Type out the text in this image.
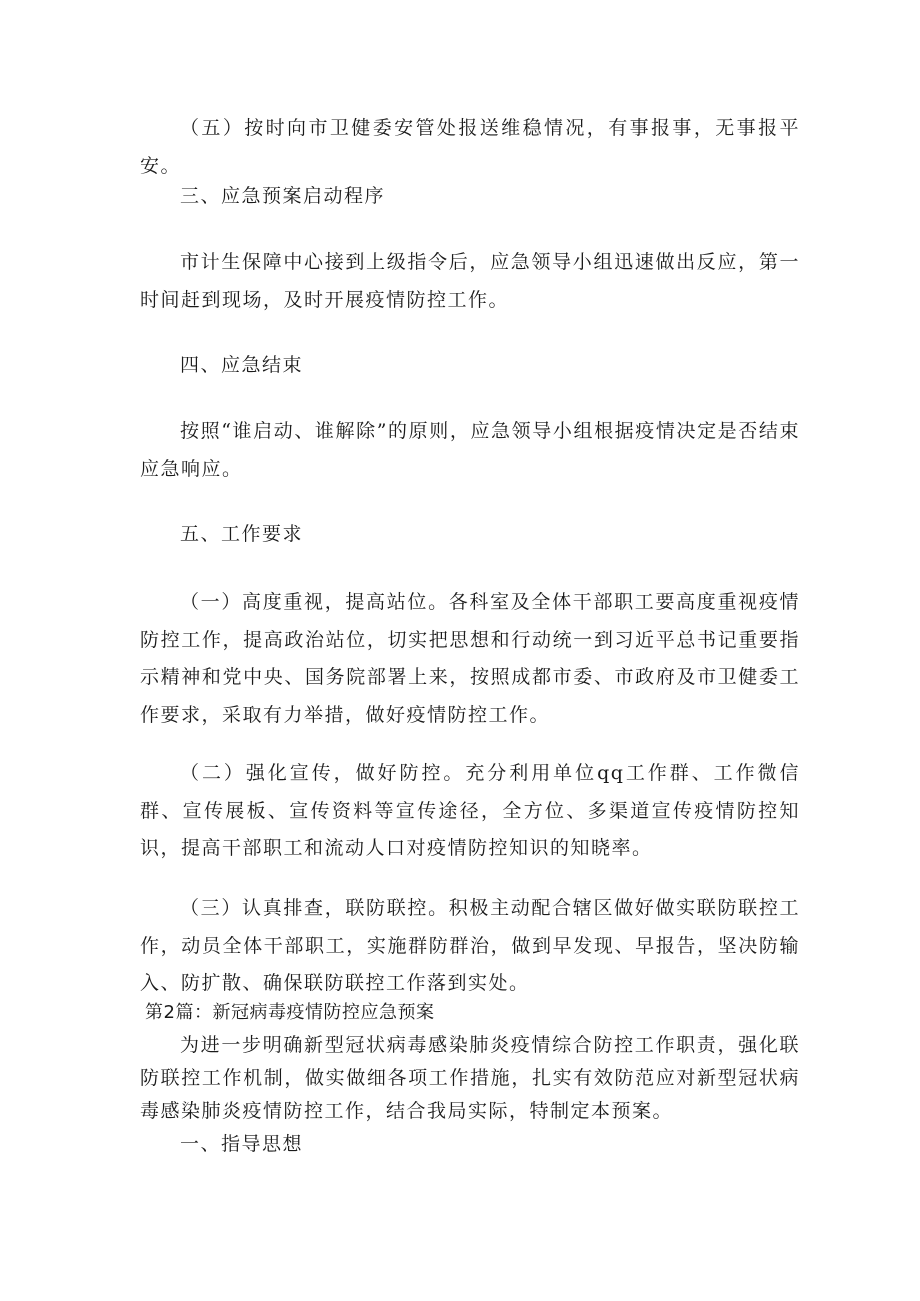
（五）按时向市卫健委安管处报送维稳情况，有事报事，无事报平安。

三、应急预案启动程序

市计生保障中心接到上级指令后，应急领导小组迅速做出反应，第一时间赶到现场，及时开展疫情防控工作。

四、应急结束

按照“谁启动、谁解除”的原则，应急领导小组根据疫情决定是否结束应急响应。

五、工作要求

（一）高度重视，提高站位。各科室及全体干部职工要高度重视疫情防控工作，提高政治站位，切实把思想和行动统一到习近平总书记重要指示精神和党中央、国务院部署上来，按照成都市委、市政府及市卫健委工作要求，采取有力举措，做好疫情防控工作。

（二）强化宣传，做好防控。充分利用单位qq工作群、工作微信群、宣传展板、宣传资料等宣传途径，全方位、多渠道宣传疫情防控知识，提高干部职工和流动人口对疫情防控知识的知晓率。

（三）认真排查，联防联控。积极主动配合辖区做好做实联防联控工作，动员全体干部职工，实施群防群治，做到早发现、早报告，坚决防输入、防扩散、确保联防联控工作落到实处。

第2篇：新冠病毒疫情防控应急预案

为进一步明确新型冠状病毒感染肺炎疫情综合防控工作职责，强化联防联控工作机制，做实做细各项工作措施，扎实有效防范应对新型冠状病毒感染肺炎疫情防控工作，结合我局实际，特制定本预案。

一、指导思想
